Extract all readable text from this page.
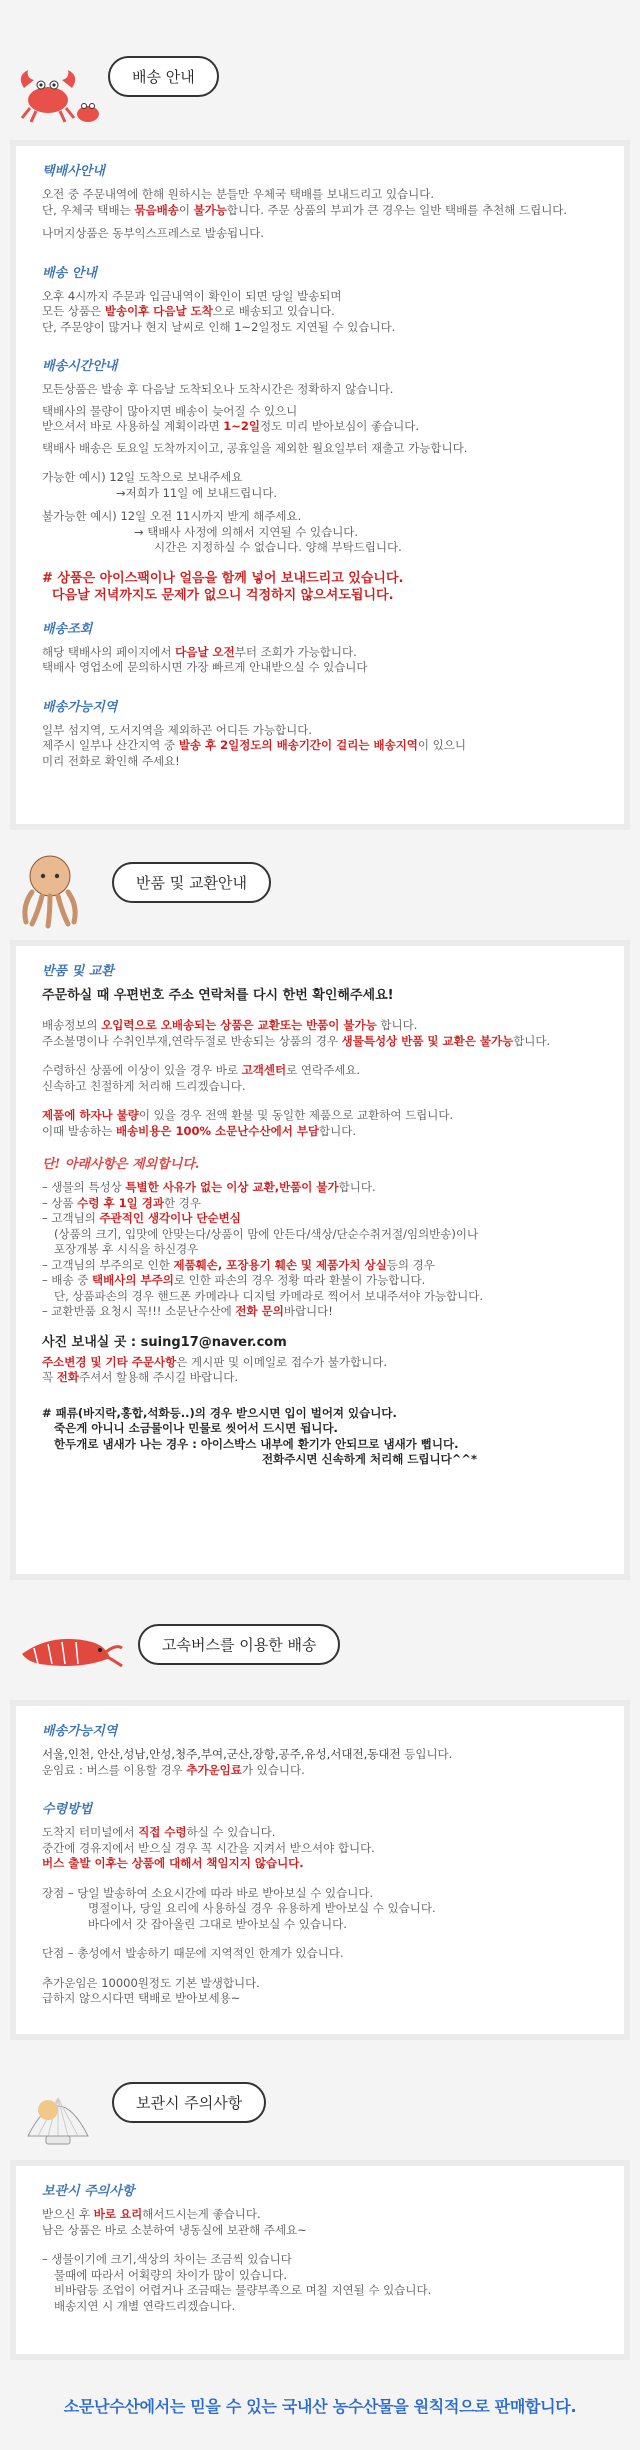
배송 안내

택배사안내

오전 중 주문내역에 한해 원하시는 분들만 우체국 택배를 보내드리고 있습니다.

단, 우체국 택배는 묶음배송이 불가능합니다. 주문 상품의 부피가 큰 경우는 일반 택배를 추천해 드립니다.

나머지상품은 동부익스프레스로 발송됩니다.

배송 안내

오후 4시까지 주문과 입금내역이 확인이 되면 당일 발송되며

모든 상품은 발송이후 다음날 도착으로 배송되고 있습니다.

단, 주문양이 많거나 현지 날씨로 인해 1~2일정도 지연될 수 있습니다.

배송시간안내

모든상품은 발송 후 다음날 도착되오나 도착시간은 정확하지 않습니다.

택배사의 물량이 많아지면 배송이 늦어질 수 있으니

받으셔서 바로 사용하실 계획이라면 1~2일정도 미리 받아보심이 좋습니다.

택배사 배송은 토요일 도착까지이고, 공휴일을 제외한 월요일부터 재출고 가능합니다.

가능한 예시) 12일 도착으로 보내주세요

→저희가 11일 에 보내드립니다.

불가능한 예시) 12일 오전 11시까지 받게 해주세요.

→ 택배사 사정에 의해서 지연될 수 있습니다.

시간은 지정하실 수 없습니다. 양해 부탁드립니다.

# 상품은 아이스팩이나 얼음을 함께 넣어 보내드리고 있습니다.

다음날 저녁까지도 문제가 없으니 걱정하지 않으셔도됩니다.

배송조회

해당 택배사의 페이지에서 다음날 오전부터 조회가 가능합니다.

택배사 영업소에 문의하시면 가장 빠르게 안내받으실 수 있습니다

배송가능지역

일부 섬지역, 도서지역을 제외하곤 어디든 가능합니다.

제주시 일부나 산간지역 중 발송 후 2일정도의 배송기간이 걸리는 배송지역이 있으니

미리 전화로 확인해 주세요!

반품 및 교환안내

반품 및 교환

주문하실 때 우편번호 주소 연락처를 다시 한번 확인해주세요!

배송정보의 오입력으로 오배송되는 상품은 교환또는 반품이 불가능 합니다.

주소불명이나 수취인부재,연락두절로 반송되는 상품의 경우 생물특성상 반품 및 교환은 불가능합니다.

수령하신 상품에 이상이 있을 경우 바로 고객센터로 연락주세요.

신속하고 친절하게 처리해 드리겠습니다.

제품에 하자나 불량이 있을 경우 전액 환불 및 동일한 제품으로 교환하여 드립니다.

이때 발송하는 배송비용은 100% 소문난수산에서 부담합니다.

단! 아래사항은 제외합니다.

– 생물의 특성상 특별한 사유가 없는 이상 교환,반품이 불가합니다.

– 상품 수령 후 1일 경과한 경우

– 고객님의 주관적인 생각이나 단순변심

(상품의 크기, 입맛에 안맞는다/상품이 맘에 안든다/색상/단순수취거절/임의반송)이나

포장개봉 후 시식을 하신경우

– 고객님의 부주의로 인한 제품훼손, 포장용기 훼손 및 제품가치 상실등의 경우

– 배송 중 택배사의 부주의로 인한 파손의 경우 정황 따라 환불이 가능합니다.

단, 상품파손의 경우 핸드폰 카메라나 디지털 카메라로 찍어서 보내주셔야 가능합니다.

– 교환반품 요청시 꼭!!! 소문난수산에 전화 문의바랍니다!

사진 보내실 곳 : suing17@naver.com

주소변경 및 기타 주문사항은 게시판 및 이메일로 접수가 불가합니다.

꼭 전화주셔서 할용해 주시길 바랍니다.

# 패류(바지락,홍합,석화등..)의 경우 받으시면 입이 벌어져 있습니다.

죽은게 아니니 소금물이나 민물로 씻어서 드시면 됩니다.

한두개로 냄새가 나는 경우 : 아이스박스 내부에 환기가 안되므로 냄새가 뻡니다.

전화주시면 신속하게 처리해 드립니다^^*

고속버스를 이용한 배송

배송가능지역

서울,인천, 안산,성남,안성,청주,부여,군산,장항,공주,유성,서대전,동대전 등입니다.

운임료 : 버스를 이용할 경우 추가운임료가 있습니다.

수령방법

도착지 터미널에서 직접 수령하실 수 있습니다.

중간에 경유지에서 받으실 경우 꼭 시간을 지켜서 받으셔야 합니다.

버스 출발 이후는 상품에 대해서 책임지지 않습니다.

장점 – 당일 발송하여 소요시간에 따라 바로 받아보실 수 있습니다.

명절이나, 당일 요리에 사용하실 경우 유용하게 받아보실 수 있습니다.

바다에서 갓 잡아올린 그대로 받아보실 수 있습니다.

단점 – 총성에서 발송하기 때문에 지역적인 한계가 있습니다.

추가운임은 10000원정도 기본 발생합니다.

급하지 않으시다면 택배로 받아보세용~

보관시 주의사항

보관시 주의사항

받으신 후 바로 요리해서드시는게 좋습니다.

남은 상품은 바로 소분하여 냉동실에 보관해 주세요~

– 생물이기에 크기,색상의 차이는 조금씩 있습니다

물때에 따라서 어획량의 차이가 많이 있습니다.

비바람등 조업이 어렵거나 조금때는 물량부족으로 며칠 지연될 수 있습니다.

배송지연 시 개별 연락드리겠습니다.

소문난수산에서는 믿을 수 있는 국내산 농수산물을 원칙적으로 판매합니다.
